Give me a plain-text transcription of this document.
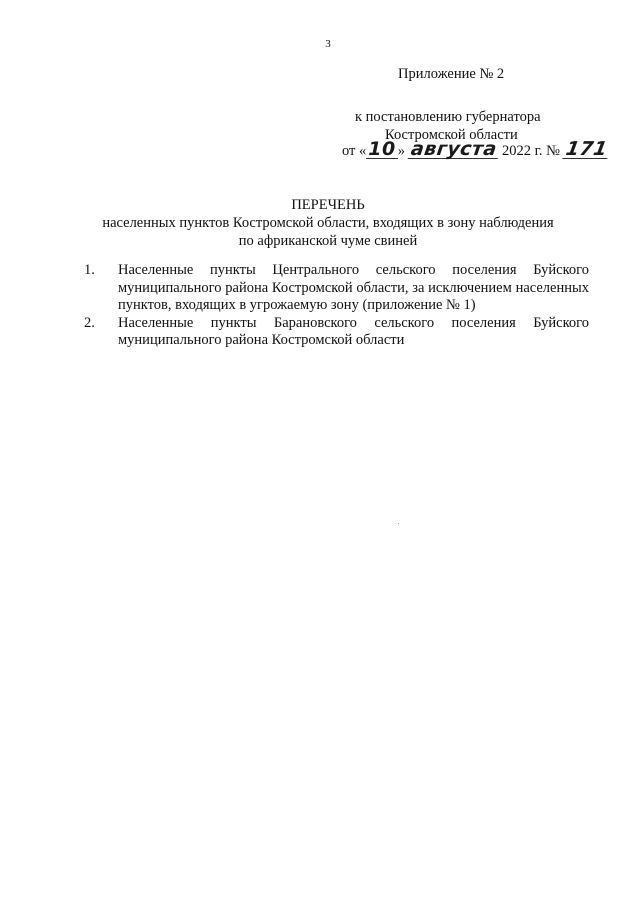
3
Приложение № 2
к постановлению губернатора
Костромской области
от « 10 » августа 2022 г. № 171
ПЕРЕЧЕНЬ
населенных пунктов Костромской области, входящих в зону наблюдения
по африканской чуме свиней
1. Населенные пункты Центрального сельского поселения Буйского муниципального района Костромской области, за исключением населенных пунктов, входящих в угрожаемую зону (приложение № 1)
2. Населенные пункты Барановского сельского поселения Буйского муниципального района Костромской области
